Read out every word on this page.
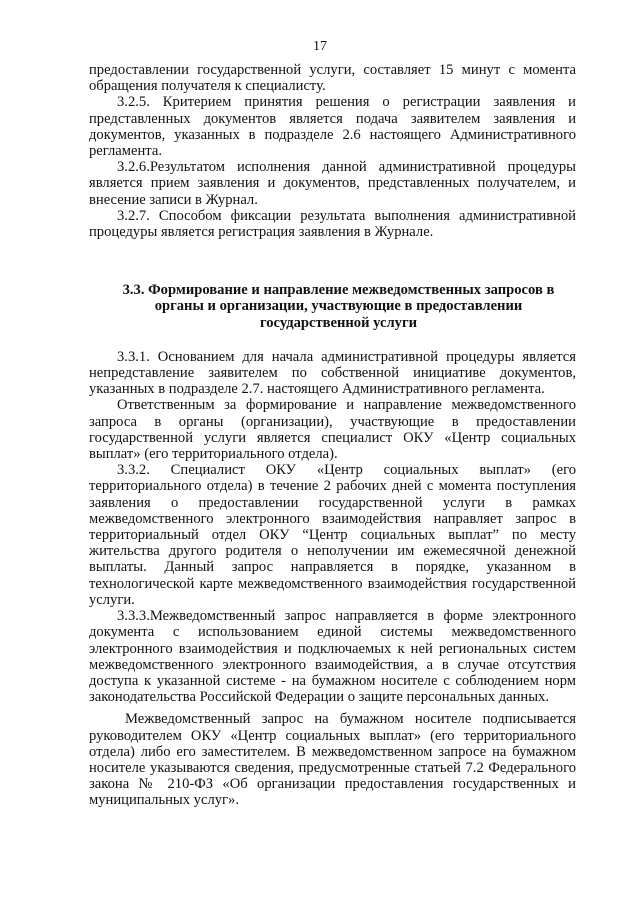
17

предоставлении государственной услуги, составляет 15 минут с момента обращения получателя к специалисту.

3.2.5. Критерием принятия решения о регистрации заявления и представленных документов является подача заявителем заявления и документов, указанных в подразделе 2.6 настоящего Административного регламента.

3.2.6.Результатом исполнения данной административной процедуры является прием заявления и документов, представленных получателем, и внесение записи в Журнал.

3.2.7. Способом фиксации результата выполнения административной процедуры является регистрация заявления в Журнале.

3.3. Формирование и направление межведомственных запросов в органы и организации, участвующие в предоставлении государственной услуги

3.3.1. Основанием для начала административной процедуры является непредставление заявителем по собственной инициативе документов, указанных в подразделе 2.7. настоящего Административного регламента.

Ответственным за формирование и направление межведомственного запроса в органы (организации), участвующие в предоставлении государственной услуги является специалист ОКУ «Центр социальных выплат» (его территориального отдела).

3.3.2. Специалист ОКУ «Центр социальных выплат» (его территориального отдела) в течение 2 рабочих дней с момента поступления заявления о предоставлении государственной услуги в рамках межведомственного электронного взаимодействия направляет запрос в территориальный отдел ОКУ “Центр социальных выплат” по месту жительства другого родителя о неполучении им ежемесячной денежной выплаты. Данный запрос направляется в порядке, указанном в технологической карте межведомственного взаимодействия государственной услуги.

3.3.3.Межведомственный запрос направляется в форме электронного документа с использованием единой системы межведомственного электронного взаимодействия и подключаемых к ней региональных систем межведомственного электронного взаимодействия, а в случае отсутствия доступа к указанной системе - на бумажном носителе с соблюдением норм законодательства Российской Федерации о защите персональных данных.

Межведомственный запрос на бумажном носителе подписывается руководителем ОКУ «Центр социальных выплат» (его территориального отдела) либо его заместителем. В межведомственном запросе на бумажном носителе указываются сведения, предусмотренные статьей 7.2 Федерального закона № 210-ФЗ «Об организации предоставления государственных и муниципальных услуг».
